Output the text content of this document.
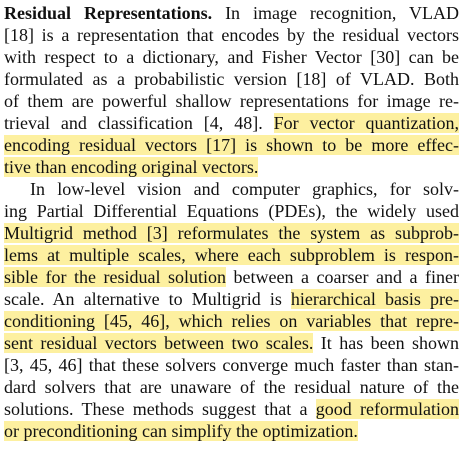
Residual Representations. In image recognition, VLAD
[18] is a representation that encodes by the residual vectors
with respect to a dictionary, and Fisher Vector [30] can be
formulated as a probabilistic version [18] of VLAD. Both
of them are powerful shallow representations for image re-
trieval and classification [4, 48]. For vector quantization,
encoding residual vectors [17] is shown to be more effec-
tive than encoding original vectors.
In low-level vision and computer graphics, for solv-
ing Partial Differential Equations (PDEs), the widely used
Multigrid method [3] reformulates the system as subprob-
lems at multiple scales, where each subproblem is respon-
sible for the residual solution between a coarser and a finer
scale. An alternative to Multigrid is hierarchical basis pre-
conditioning [45, 46], which relies on variables that repre-
sent residual vectors between two scales. It has been shown
[3, 45, 46] that these solvers converge much faster than stan-
dard solvers that are unaware of the residual nature of the
solutions. These methods suggest that a good reformulation
or preconditioning can simplify the optimization.
